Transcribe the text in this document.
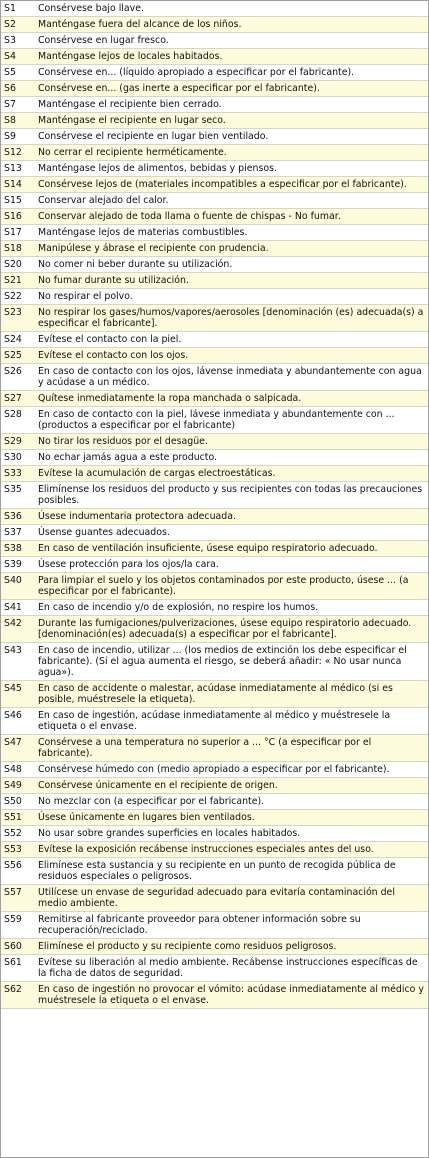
S1	Consérvese bajo llave.
S2	Manténgase fuera del alcance de los niños.
S3	Consérvese en lugar fresco.
S4	Manténgase lejos de locales habitados.
S5	Consérvese en... (líquido apropiado a especificar por el fabricante).
S6	Consérvese en... (gas inerte a especificar por el fabricante).
S7	Manténgase el recipiente bien cerrado.
S8	Manténgase el recipiente en lugar seco.
S9	Consérvese el recipiente en lugar bien ventilado.
S12	No cerrar el recipiente herméticamente.
S13	Manténgase lejos de alimentos, bebidas y piensos.
S14	Consérvese lejos de (materiales incompatibles a especificar por el fabricante).
S15	Conservar alejado del calor.
S16	Conservar alejado de toda llama o fuente de chispas - No fumar.
S17	Manténgase lejos de materias combustibles.
S18	Manipúlese y ábrase el recipiente con prudencia.
S20	No comer ni beber durante su utilización.
S21	No fumar durante su utilización.
S22	No respirar el polvo.
S23	No respirar los gases/humos/vapores/aerosoles [denominación (es) adecuada(s) a especificar el fabricante].
S24	Evítese el contacto con la piel.
S25	Evítese el contacto con los ojos.
S26	En caso de contacto con los ojos, lávense inmediata y abundantemente con agua y acúdase a un médico.
S27	Quítese inmediatamente la ropa manchada o salpicada.
S28	En caso de contacto con la piel, lávese inmediata y abundantemente con ... (productos a especificar por el fabricante)
S29	No tirar los residuos por el desagüe.
S30	No echar jamás agua a este producto.
S33	Evítese la acumulación de cargas electroestáticas.
S35	Elimínense los residuos del producto y sus recipientes con todas las precauciones posibles.
S36	Úsese indumentaria protectora adecuada.
S37	Úsense guantes adecuados.
S38	En caso de ventilación insuficiente, úsese equipo respiratorio adecuado.
S39	Úsese protección para los ojos/la cara.
S40	Para limpiar el suelo y los objetos contaminados por este producto, úsese ... (a especificar por el fabricante).
S41	En caso de incendio y/o de explosión, no respire los humos.
S42	Durante las fumigaciones/pulverizaciones, úsese equipo respiratorio adecuado. [denominación(es) adecuada(s) a especificar por el fabricante].
S43	En caso de incendio, utilizar ... (los medios de extinción los debe especificar el fabricante). (Si el agua aumenta el riesgo, se deberá añadir: « No usar nunca agua»).
S45	En caso de accidente o malestar, acúdase inmediatamente al médico (si es posible, muéstresele la etiqueta).
S46	En caso de ingestión, acúdase inmediatamente al médico y muéstresele la etiqueta o el envase.
S47	Consérvese a una temperatura no superior a ... °C (a especificar por el fabricante).
S48	Consérvese húmedo con (medio apropiado a especificar por el fabricante).
S49	Consérvese únicamente en el recipiente de origen.
S50	No mezclar con (a especificar por el fabricante).
S51	Úsese únicamente en lugares bien ventilados.
S52	No usar sobre grandes superficies en locales habitados.
S53	Evítese la exposición recábense instrucciones especiales antes del uso.
S56	Elimínese esta sustancia y su recipiente en un punto de recogida pública de residuos especiales o peligrosos.
S57	Utilícese un envase de seguridad adecuado para evitaría contaminación del medio ambiente.
S59	Remitirse al fabricante proveedor para obtener información sobre su recuperación/reciclado.
S60	Elimínese el producto y su recipiente como residuos peligrosos.
S61	Evítese su liberación al medio ambiente. Recábense instrucciones específicas de la ficha de datos de seguridad.
S62	En caso de ingestión no provocar el vómito: acúdase inmediatamente al médico y muéstresele la etiqueta o el envase.
